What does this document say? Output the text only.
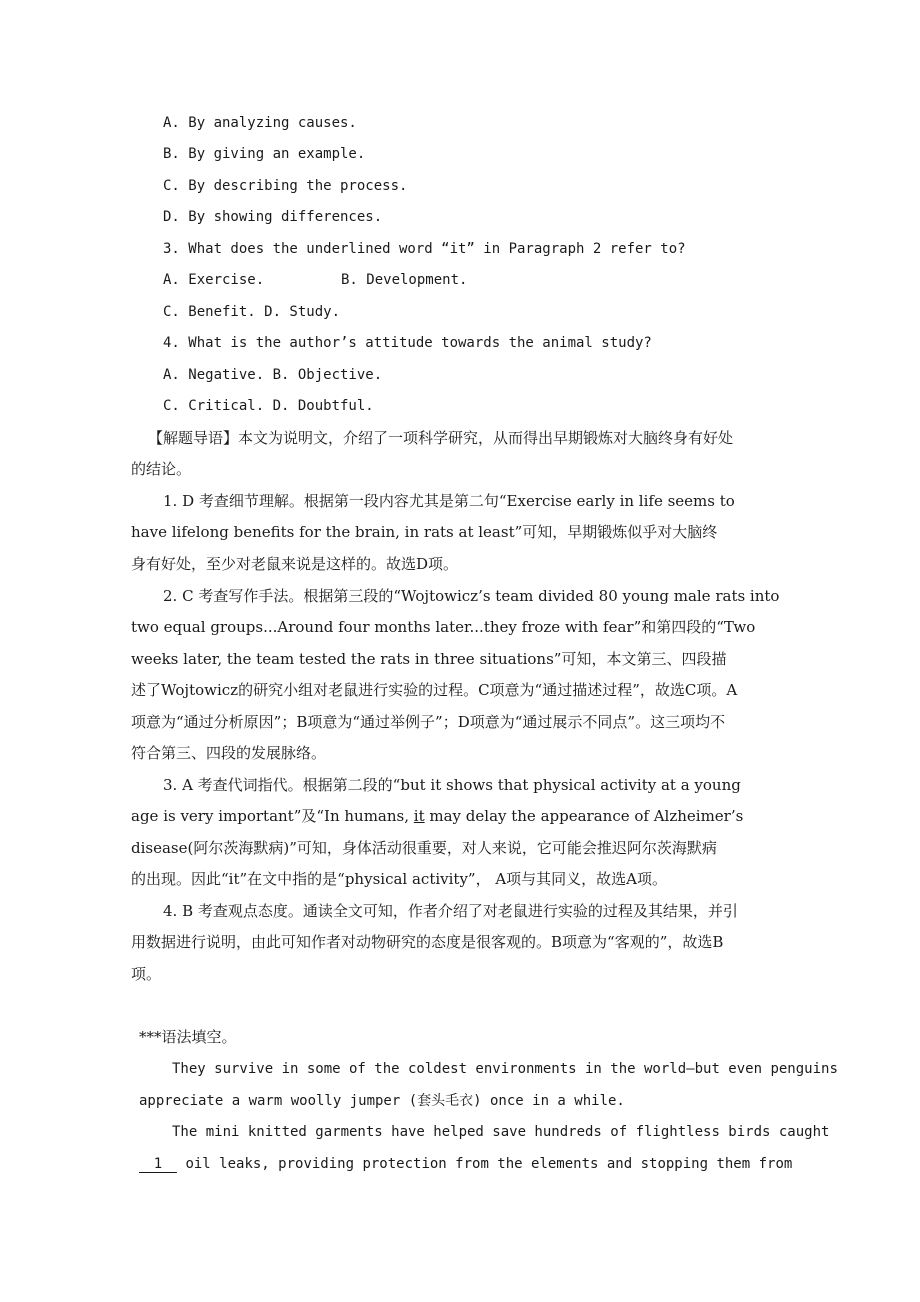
A. By analyzing causes.
B. By giving an example.
C. By describing the process.
D. By showing differences.
3. What does the underlined word “it” in Paragraph 2 refer to?
A. Exercise.	B. Development.
C. Benefit. D. Study.
4. What is the author’s attitude towards the animal study?
A. Negative. B. Objective.
C. Critical. D. Doubtful.
【解题导语】本文为说明文，介绍了一项科学研究，从而得出早期锻炼对大脑终身有好处
的结论。
1. D 考查细节理解。根据第一段内容尤其是第二句“Exercise early in life seems to
have lifelong benefits for the brain, in rats at least”可知，早期锻炼似乎对大脑终
身有好处，至少对老鼠来说是这样的。故选D项。
2. C 考查写作手法。根据第三段的“Wojtowicz’s team divided 80 young male rats into
two equal groups...Around four months later...they froze with fear”和第四段的“Two
weeks later, the team tested the rats in three situations”可知，本文第三、四段描
述了Wojtowicz的研究小组对老鼠进行实验的过程。C项意为“通过描述过程”，故选C项。A
项意为“通过分析原因”；B项意为“通过举例子”；D项意为“通过展示不同点”。这三项均不
符合第三、四段的发展脉络。
3. A 考查代词指代。根据第二段的“but it shows that physical activity at a young
age is very important”及“In humans, it may delay the appearance of Alzheimer’s
disease(阿尔茨海默病)”可知，身体活动很重要，对人来说，它可能会推迟阿尔茨海默病
的出现。因此“it”在文中指的是“physical activity”， A项与其同义，故选A项。
4. B 考查观点态度。通读全文可知，作者介绍了对老鼠进行实验的过程及其结果，并引
用数据进行说明，由此可知作者对动物研究的态度是很客观的。B项意为“客观的”，故选B
项。
***语法填空。
They survive in some of the coldest environments in the world—but even penguins
appreciate a warm woolly jumper (套头毛衣) once in a while.
The mini knitted garments have helped save hundreds of flightless birds caught
1 oil leaks, providing protection from the elements and stopping them from
